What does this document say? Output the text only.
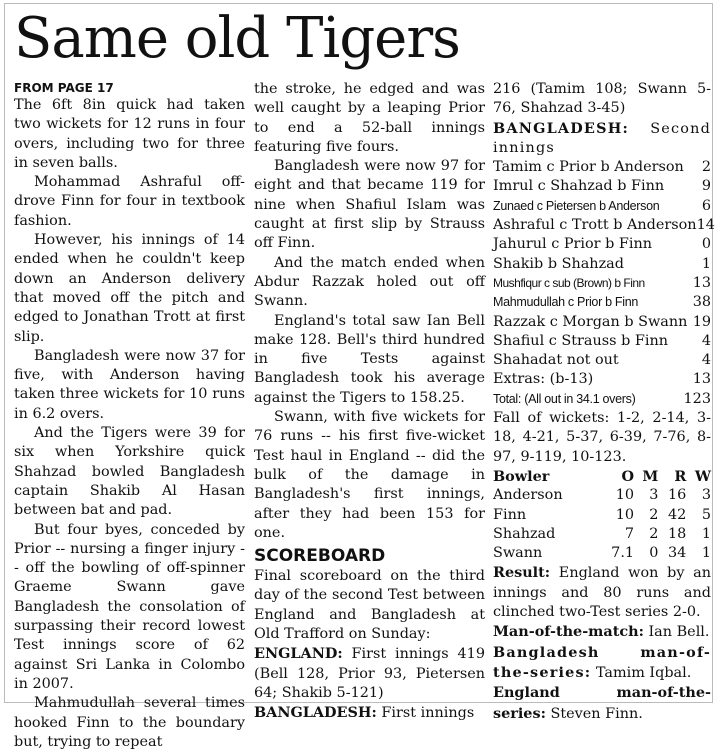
Same old Tigers
FROM PAGE 17

The 6ft 8in quick had taken two wickets for 12 runs in four overs, including two for three in seven balls.

Mohammad Ashraful off-drove Finn for four in textbook fashion.

However, his innings of 14 ended when he couldn't keep down an Anderson delivery that moved off the pitch and edged to Jonathan Trott at first slip.

Bangladesh were now 37 for five, with Anderson having taken three wickets for 10 runs in 6.2 overs.

And the Tigers were 39 for six when Yorkshire quick Shahzad bowled Bangladesh captain Shakib Al Hasan between bat and pad.

But four byes, conceded by Prior -- nursing a finger injury -- off the bowling of off-spinner Graeme Swann gave Bangladesh the consolation of surpassing their record lowest Test innings score of 62 against Sri Lanka in Colombo in 2007.

Mahmudullah several times hooked Finn to the boundary but, trying to repeat

the stroke, he edged and was well caught by a leaping Prior to end a 52-ball innings featuring five fours.

Bangladesh were now 97 for eight and that became 119 for nine when Shafiul Islam was caught at first slip by Strauss off Finn.

And the match ended when Abdur Razzak holed out off Swann.

England's total saw Ian Bell make 128. Bell's third hundred in five Tests against Bangladesh took his average against the Tigers to 158.25.

Swann, with five wickets for 76 runs -- his first five-wicket Test haul in England -- did the bulk of the damage in Bangladesh's first innings, after they had been 153 for one.

SCOREBOARD

Final scoreboard on the third day of the second Test between England and Bangladesh at Old Trafford on Sunday:

ENGLAND: First innings 419 (Bell 128, Prior 93, Pietersen 64; Shakib 5-121)

BANGLADESH: First innings

216 (Tamim 108; Swann 5-76, Shahzad 3-45)

BANGLADESH: Second innings

Tamim c Prior b Anderson 2
Imrul c Shahzad b Finn	9
Zunaed c Pietersen b Anderson	6
Ashraful c Trott b Anderson 14
Jahurul c Prior b Finn	0
Shakib b Shahzad	1
Mushfiqur c sub (Brown) b Finn	13
Mahmudullah c Prior b Finn	38
Razzak c Morgan b Swann 19
Shafiul c Strauss b Finn 4
Shahadat not out	4
Extras: (b-13)	13
Total: (All out in 34.1 overs)	123

Fall of wickets: 1-2, 2-14, 3-18, 4-21, 5-37, 6-39, 7-76, 8-97, 9-119, 10-123.

Bowler	O	M	R	W
Anderson	10	3	16	3
Finn	10	2	42	5
Shahzad	7	2	18	1
Swann	7.1	0	34	1

Result: England won by an innings and 80 runs and clinched two-Test series 2-0.

Man-of-the-match: Ian Bell.

Bangladesh man-of-the-series: Tamim Iqbal.

England man-of-the-series: Steven Finn.
